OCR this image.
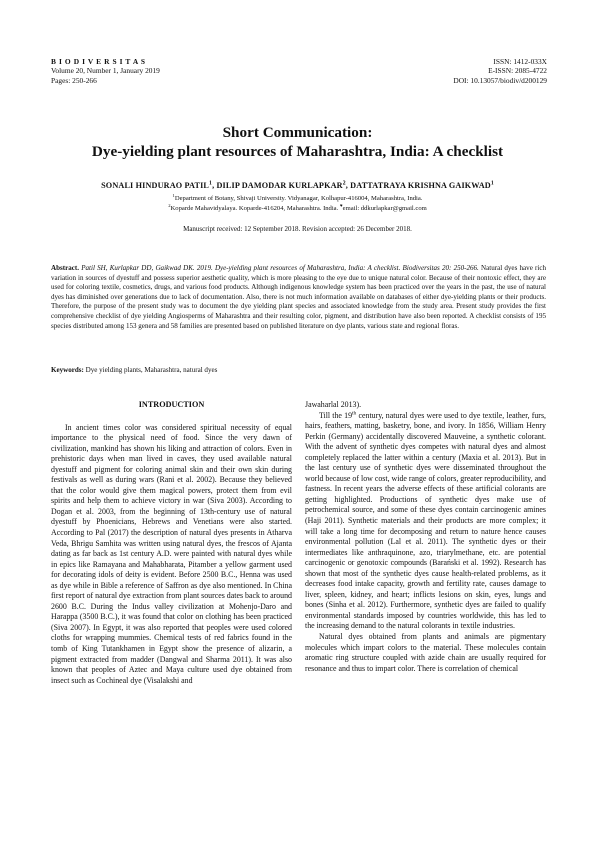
B I O D I V E R S I T A S
Volume 20, Number 1, January 2019
Pages: 250-266
ISSN: 1412-033X
E-ISSN: 2085-4722
DOI: 10.13057/biodiv/d200129
Short Communication:
Dye-yielding plant resources of Maharashtra, India: A checklist
SONALI HINDURAO PATIL$^1$, DILIP DAMODAR KURLAPKAR$^2$, DATTATRAYA KRISHNA GAIKWAD$^1$
$^1$Department of Botany, Shivaji University. Vidyanagar, Kolhapur-416004, Maharashtra, India.
$^2$Koparde Mahavidyalaya. Koparde-416204, Maharashtra. India. ♥email: ddkurlapkar@gmail.com
Manuscript received: 12 September 2018. Revision accepted: 26 December 2018.
Abstract. Patil SH, Kurlapkar DD, Gaikwad DK. 2019. Dye-yielding plant resources of Maharashtra, India: A checklist. Biodiversitas 20: 250-266. Natural dyes have rich variation in sources of dyestuff and possess superior aesthetic quality, which is more pleasing to the eye due to unique natural color. Because of their nontoxic effect, they are used for coloring textile, cosmetics, drugs, and various food products. Although indigenous knowledge system has been practiced over the years in the past, the use of natural dyes has diminished over generations due to lack of documentation. Also, there is not much information available on databases of either dye-yielding plants or their products. Therefore, the purpose of the present study was to document the dye yielding plant species and associated knowledge from the study area. Present study provides the first comprehensive checklist of dye yielding Angiosperms of Maharashtra and their resulting color, pigment, and distribution have also been reported. A checklist consists of 195 species distributed among 153 genera and 58 families are presented based on published literature on dye plants, various state and regional floras.
Keywords: Dye yielding plants, Maharashtra, natural dyes
INTRODUCTION

In ancient times color was considered spiritual necessity of equal importance to the physical need of food. Since the very dawn of civilization, mankind has shown his liking and attraction of colors. Even in prehistoric days when man lived in caves, they used available natural dyestuff and pigment for coloring animal skin and their own skin during festivals as well as during wars (Rani et al. 2002). Because they believed that the color would give them magical powers, protect them from evil spirits and help them to achieve victory in war (Siva 2003). According to Dogan et al. 2003, from the beginning of 13th-century use of natural dyestuff by Phoenicians, Hebrews and Venetians were also started. According to Pal (2017) the description of natural dyes presents in Atharva Veda, Bhrigu Samhita was written using natural dyes, the frescos of Ajanta dating as far back as 1st century A.D. were painted with natural dyes while in epics like Ramayana and Mahabharata, Pitamber a yellow garment used for decorating idols of deity is evident. Before 2500 B.C., Henna was used as dye while in Bible a reference of Saffron as dye also mentioned. In China first report of natural dye extraction from plant sources dates back to around 2600 B.C. During the Indus valley civilization at Mohenjo-Daro and Harappa (3500 B.C.), it was found that color on clothing has been practiced (Siva 2007). In Egypt, it was also reported that peoples were used colored cloths for wrapping mummies. Chemical tests of red fabrics found in the tomb of King Tutankhamen in Egypt show the presence of alizarin, a pigment extracted from madder (Dangwal and Sharma 2011). It was also known that peoples of Aztec and Maya culture used dye obtained from insect such as Cochineal dye (Visalakshi and

Jawaharlal 2013).

Till the 19th century, natural dyes were used to dye textile, leather, furs, hairs, feathers, matting, basketry, bone, and ivory. In 1856, William Henry Perkin (Germany) accidentally discovered Mauveine, a synthetic colorant. With the advent of synthetic dyes competes with natural dyes and almost completely replaced the latter within a century (Maxia et al. 2013). But in the last century use of synthetic dyes were disseminated throughout the world because of low cost, wide range of colors, greater reproducibility, and fastness. In recent years the adverse effects of these artificial colorants are getting highlighted. Productions of synthetic dyes make use of petrochemical source, and some of these dyes contain carcinogenic amines (Haji 2011). Synthetic materials and their products are more complex; it will take a long time for decomposing and return to nature hence causes environmental pollution (Lal et al. 2011). The synthetic dyes or their intermediates like anthraquinone, azo, triarylmethane, etc. are potential carcinogenic or genotoxic compounds (Barański et al. 1992). Research has shown that most of the synthetic dyes cause health-related problems, as it decreases food intake capacity, growth and fertility rate, causes damage to liver, spleen, kidney, and heart; inflicts lesions on skin, eyes, lungs and bones (Sinha et al. 2012). Furthermore, synthetic dyes are failed to qualify environmental standards imposed by countries worldwide, this has led to the increasing demand to the natural colorants in textile industries.

Natural dyes obtained from plants and animals are pigmentary molecules which impart colors to the material. These molecules contain aromatic ring structure coupled with azide chain are usually required for resonance and thus to impart color. There is correlation of chemical
